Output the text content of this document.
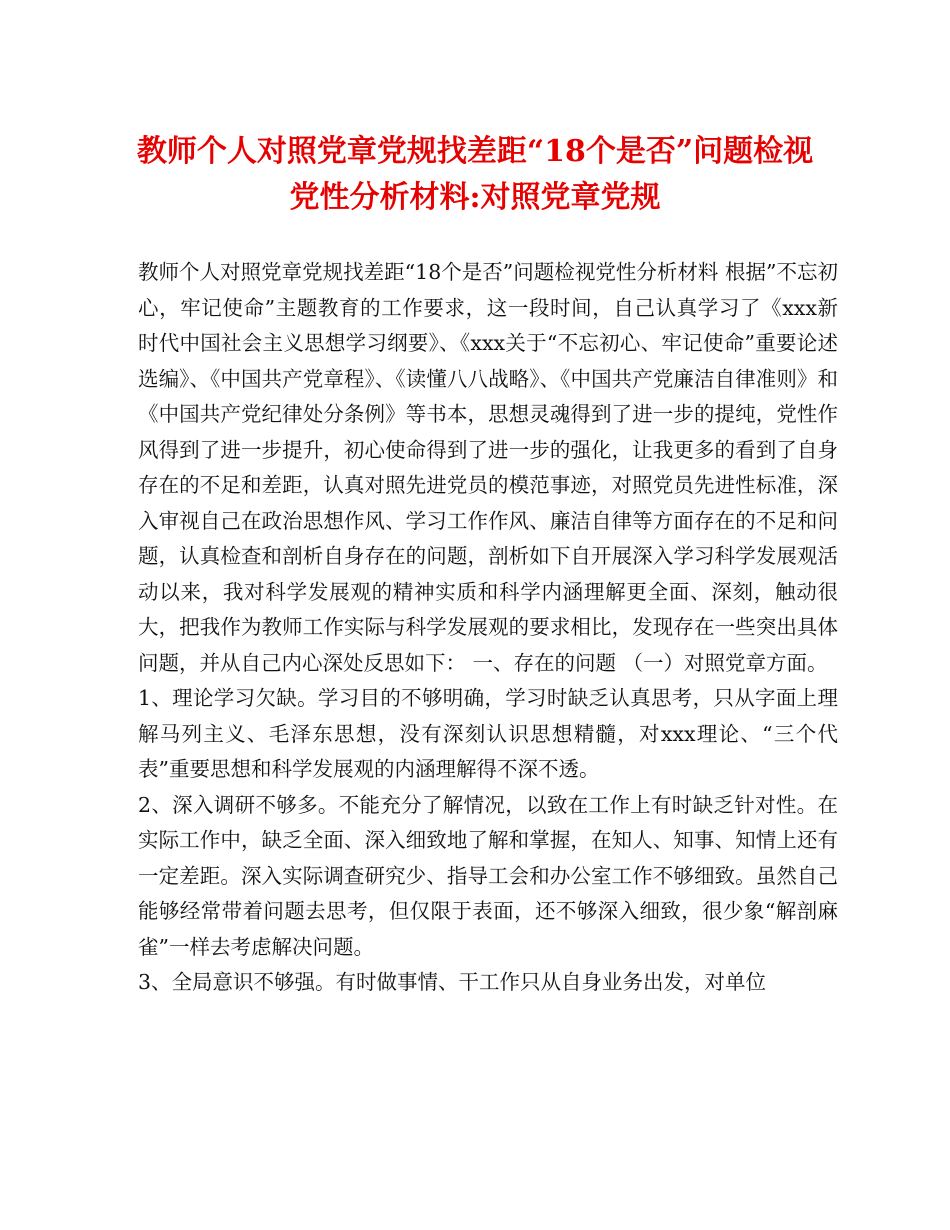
教师个人对照党章党规找差距“18个是否”问题检视
党性分析材料:对照党章党规

教师个人对照党章党规找差距“18个是否”问题检视党性分析材料 根据”不忘初心，牢记使命”主题教育的工作要求，这一段时间，自己认真学习了《xxx新时代中国社会主义思想学习纲要》、《xxx关于“不忘初心、牢记使命”重要论述选编》、《中国共产党章程》、《读懂八八战略》、《中国共产党廉洁自律准则》和《中国共产党纪律处分条例》等书本，思想灵魂得到了进一步的提纯，党性作风得到了进一步提升，初心使命得到了进一步的强化，让我更多的看到了自身存在的不足和差距，认真对照先进党员的模范事迹，对照党员先进性标准，深入审视自己在政治思想作风、学习工作作风、廉洁自律等方面存在的不足和问题，认真检查和剖析自身存在的问题，剖析如下自开展深入学习科学发展观活动以来，我对科学发展观的精神实质和科学内涵理解更全面、深刻，触动很大，把我作为教师工作实际与科学发展观的要求相比，发现存在一些突出具体问题，并从自己内心深处反思如下： 一、存在的问题 （一）对照党章方面。

1、理论学习欠缺。学习目的不够明确，学习时缺乏认真思考，只从字面上理解马列主义、毛泽东思想，没有深刻认识思想精髓，对xxx理论、“三个代表”重要思想和科学发展观的内涵理解得不深不透。

2、深入调研不够多。不能充分了解情况，以致在工作上有时缺乏针对性。在实际工作中，缺乏全面、深入细致地了解和掌握，在知人、知事、知情上还有一定差距。深入实际调查研究少、指导工会和办公室工作不够细致。虽然自己能够经常带着问题去思考，但仅限于表面，还不够深入细致，很少象“解剖麻雀”一样去考虑解决问题。

3、全局意识不够强。有时做事情、干工作只从自身业务出发，对单位
